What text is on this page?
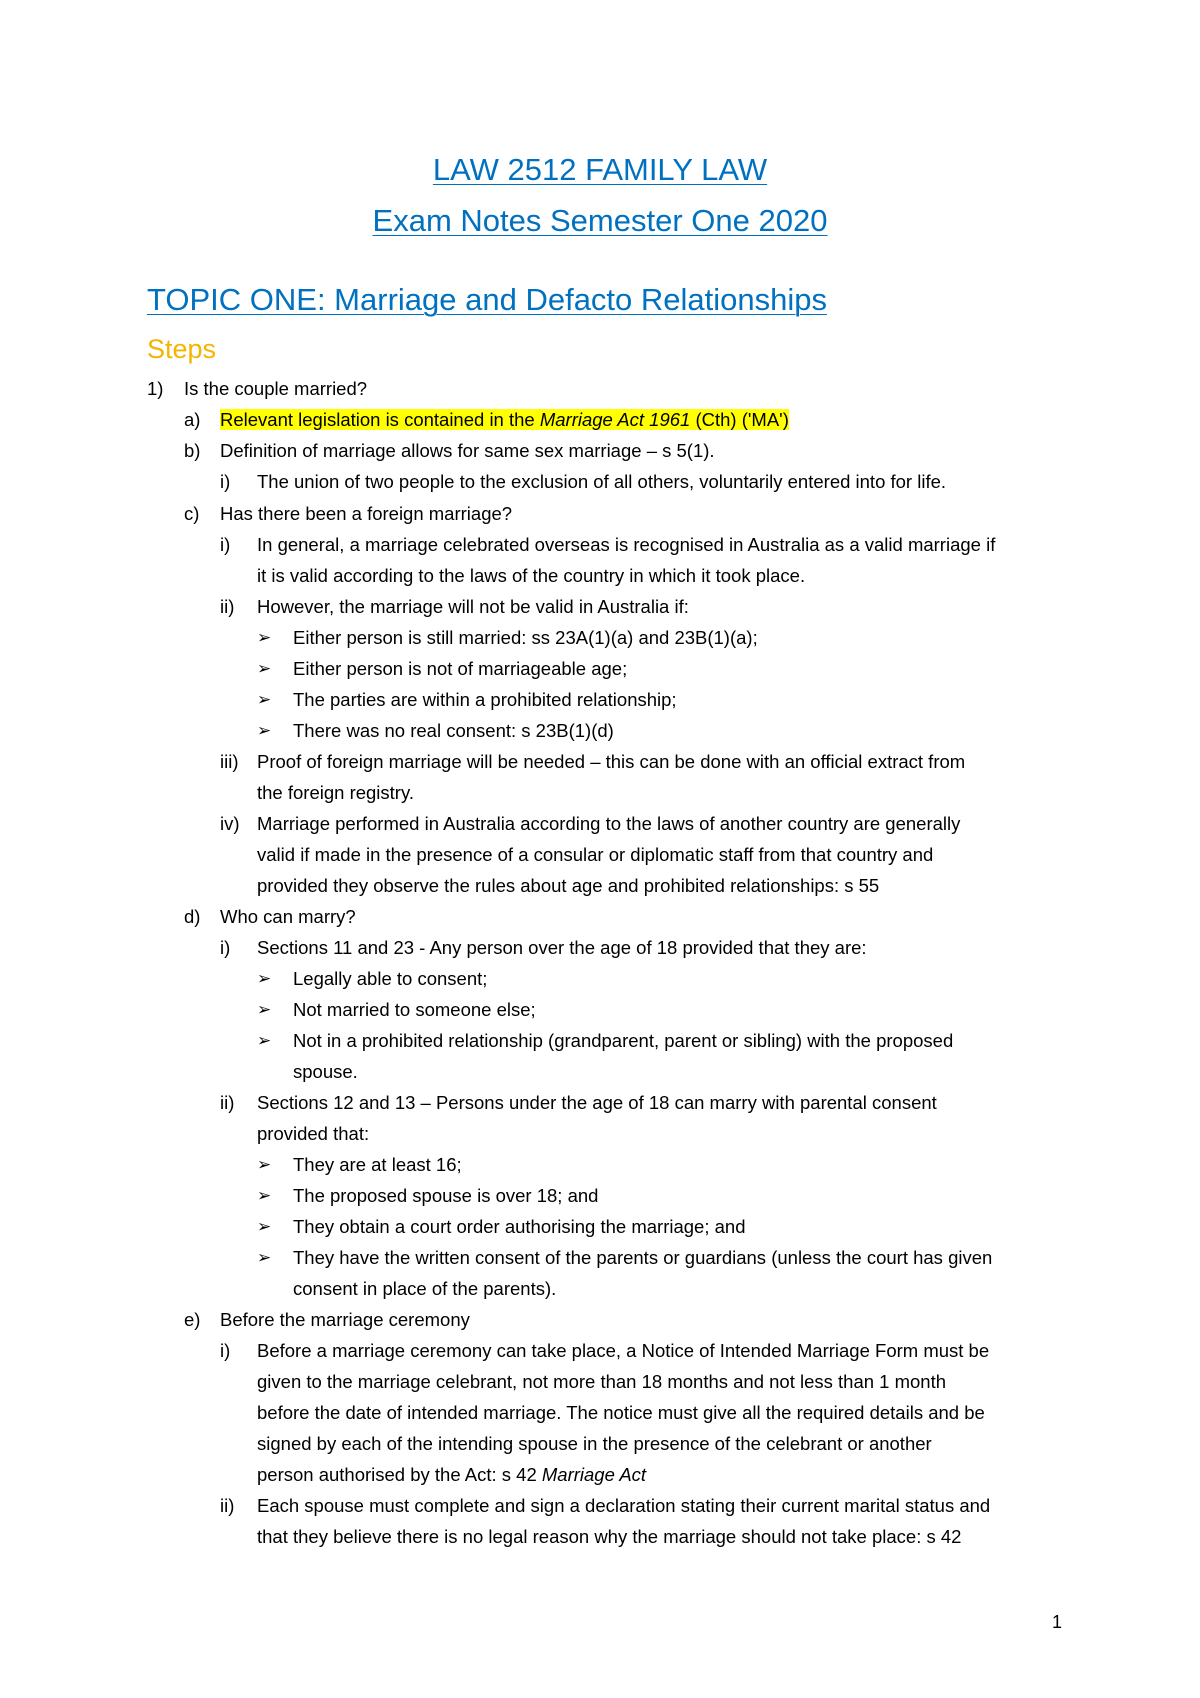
LAW 2512 FAMILY LAW
Exam Notes Semester One 2020
TOPIC ONE: Marriage and Defacto Relationships
Steps
1) Is the couple married?
a) Relevant legislation is contained in the Marriage Act 1961 (Cth) ('MA')
b) Definition of marriage allows for same sex marriage – s 5(1).
i) The union of two people to the exclusion of all others, voluntarily entered into for life.
c) Has there been a foreign marriage?
i) In general, a marriage celebrated overseas is recognised in Australia as a valid marriage if
it is valid according to the laws of the country in which it took place.
ii) However, the marriage will not be valid in Australia if:
➢ Either person is still married: ss 23A(1)(a) and 23B(1)(a);
➢ Either person is not of marriageable age;
➢ The parties are within a prohibited relationship;
➢ There was no real consent: s 23B(1)(d)
iii) Proof of foreign marriage will be needed – this can be done with an official extract from
the foreign registry.
iv) Marriage performed in Australia according to the laws of another country are generally
valid if made in the presence of a consular or diplomatic staff from that country and
provided they observe the rules about age and prohibited relationships: s 55
d) Who can marry?
i) Sections 11 and 23 - Any person over the age of 18 provided that they are:
➢ Legally able to consent;
➢ Not married to someone else;
➢ Not in a prohibited relationship (grandparent, parent or sibling) with the proposed
spouse.
ii) Sections 12 and 13 – Persons under the age of 18 can marry with parental consent
provided that:
➢ They are at least 16;
➢ The proposed spouse is over 18; and
➢ They obtain a court order authorising the marriage; and
➢ They have the written consent of the parents or guardians (unless the court has given
consent in place of the parents).
e) Before the marriage ceremony
i) Before a marriage ceremony can take place, a Notice of Intended Marriage Form must be
given to the marriage celebrant, not more than 18 months and not less than 1 month
before the date of intended marriage. The notice must give all the required details and be
signed by each of the intending spouse in the presence of the celebrant or another
person authorised by the Act: s 42 Marriage Act
ii) Each spouse must complete and sign a declaration stating their current marital status and
that they believe there is no legal reason why the marriage should not take place: s 42
1
